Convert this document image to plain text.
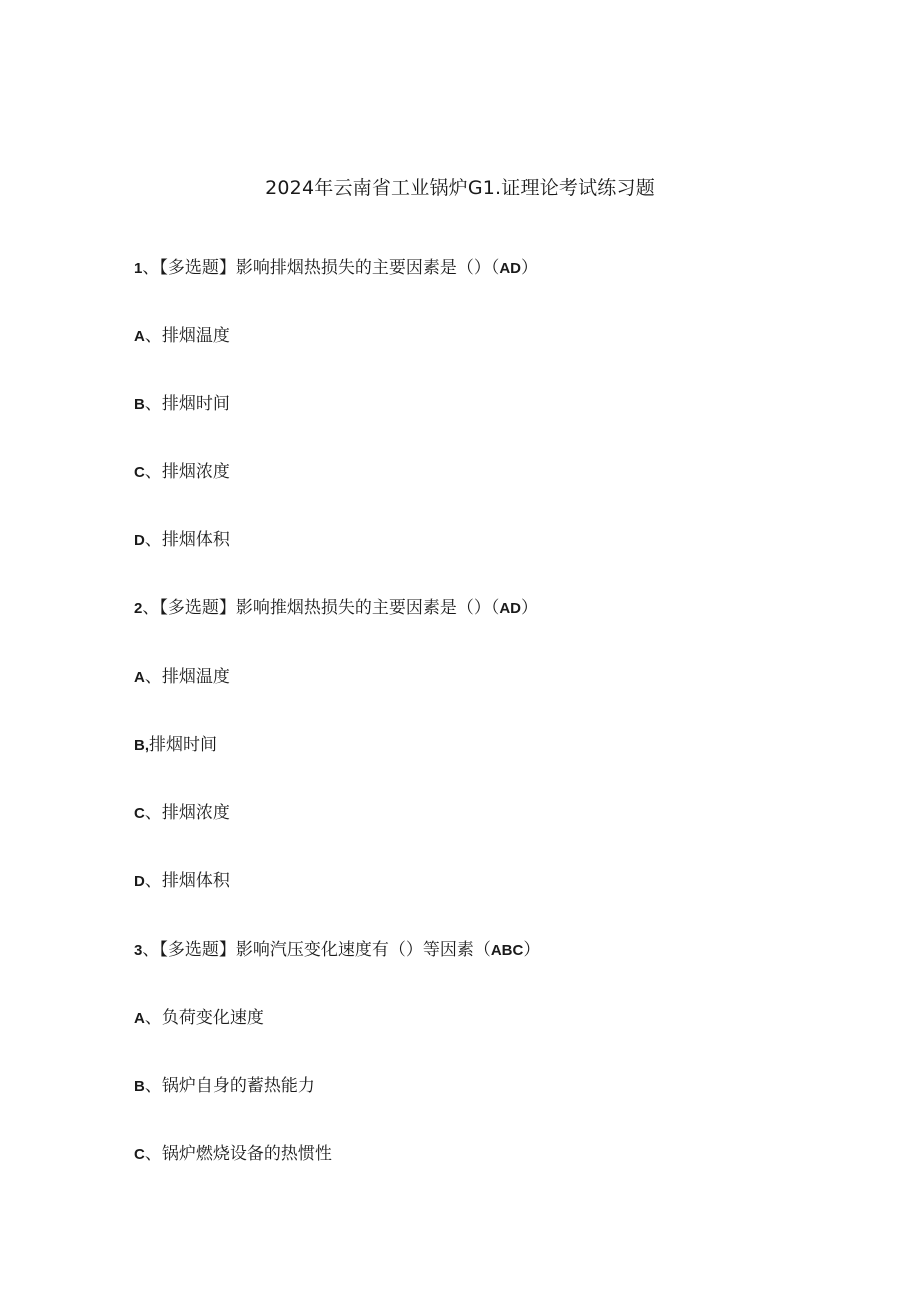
2024年云南省工业锅炉G1.证理论考试练习题
1、【多选题】影响排烟热损失的主要因素是（）（AD）
A、排烟温度
B、排烟时间
C、排烟浓度
D、排烟体积
2、【多选题】影响推烟热损失的主要因素是（）（AD）
A、排烟温度
B,排烟时间
C、排烟浓度
D、排烟体积
3、【多选题】影响汽压变化速度有（）等因素（ABC）
A、负荷变化速度
B、锅炉自身的蓄热能力
C、锅炉燃烧设备的热惯性
